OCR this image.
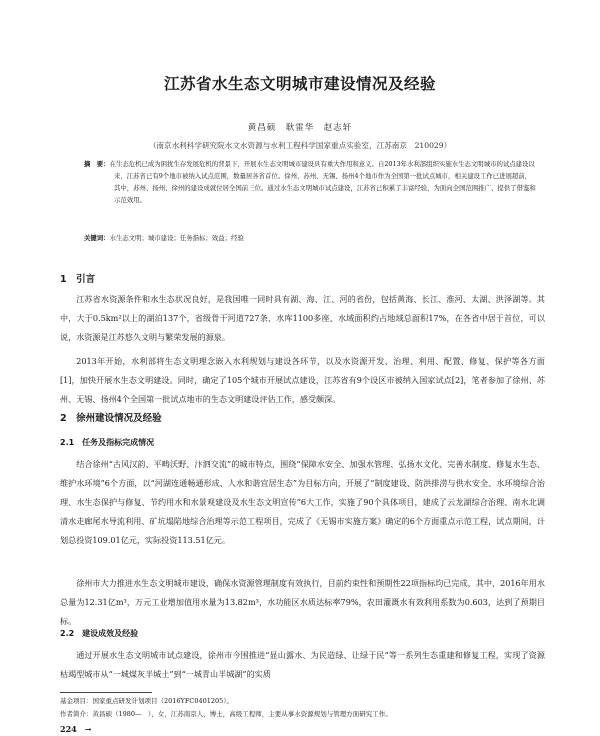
江苏省水生态文明城市建设情况及经验
黄昌硕　耿雷华　赵志轩
（南京水利科学研究院水文水资源与水利工程科学国家重点实验室，江苏南京　210029）
摘　要：在生态危机已成为困扰生存发展危机的背景下，开展水生态文明城市建设具有重大作用和意义。自2013年水利部组织实施水生态文明城市的试点建设以来，江苏省已有9个地市被纳入试点范围，数量居各省首位。徐州、苏州、无锡、扬州4个地市作为全国第一批试点城市，相关建设工作已进展超前，其中，苏州、扬州、徐州的建设成就位居全国前三位。通过水生态文明城市试点建设，江苏省已积累了丰富经验，为面向全国范围推广、提供了借鉴和示范效用。
关键词：水生态文明；城市建设；任务指标；效益；经验
1　引言
江苏省水资源条件和水生态状况良好，是我国唯一同时具有湖、海、江、河的省份，包括黄海、长江、淮河、太湖、洪泽湖等。其中，大于0.5km²以上的湖泊137个，省级骨干河道727条、水库1100多座，水域面积约占地域总面积17%，在各省中居于首位，可以说，水资源是江苏悠久文明与繁荣发展的源泉。
2013年开始，水利部将生态文明理念嵌入水利规划与建设各环节，以及水资源开发、治理、利用、配置、修复、保护等各方面[1]，加快开展水生态文明建设。同时，确定了105个城市开展试点建设，江苏省有9个设区市被纳入国家试点[2]，笔者参加了徐州、苏州、无锡、扬州4个全国第一批试点地市的生态文明建设评估工作，感受颇深。
2　徐州建设情况及经验
2.1　任务及指标完成情况
结合徐州“古风汉韵、平畴沃野、汴泗交流”的城市特点，围绕“保障水安全、加强水管理、弘扬水文化、完善水制度、修复水生态、维护水环境”6个方面，以“河湖连通畅通形成、人水和谐宜居生态”为目标方向，开展了“制度建设、防洪排涝与供水安全、水环境综合治理、水生态保护与修复、节约用水和水景观建设及水生态文明宣传”6大工作，实施了90个具体项目，建成了云龙湖综合治理、南水北调清水走廊尾水导流利用、矿坑塌陷地综合治理等示范工程项目，完成了《无锡市实施方案》确定的6个方面重点示范工程，试点期间，计划总投资109.01亿元，实际投资113.51亿元。
徐州市大力推进水生态文明城市建设，确保水资源管理制度有效执行，目前约束性和预期性22项指标均已完成，其中，2016年用水总量为12.31亿m³，万元工业增加值用水量为13.82m³，水功能区水质达标率79%，农田灌溉水有效利用系数为0.603，达到了预期目标。
2.2　建设成效及经验
通过开展水生态文明城市试点建设，徐州市今围推进“显山露水、为民造绿、让绿于民”等一系列生态重建和修复工程，实现了资源枯竭型城市从“一城煤灰半城土”到“一城青山半城湖”的实质
基金项目：国家重点研发计划项目（2016YFC0401205）。
作者简介：黄昌硕（1980—　），女，江苏南京人，博士，高级工程师，主要从事水资源规划与管理方面研究工作。
224　→
